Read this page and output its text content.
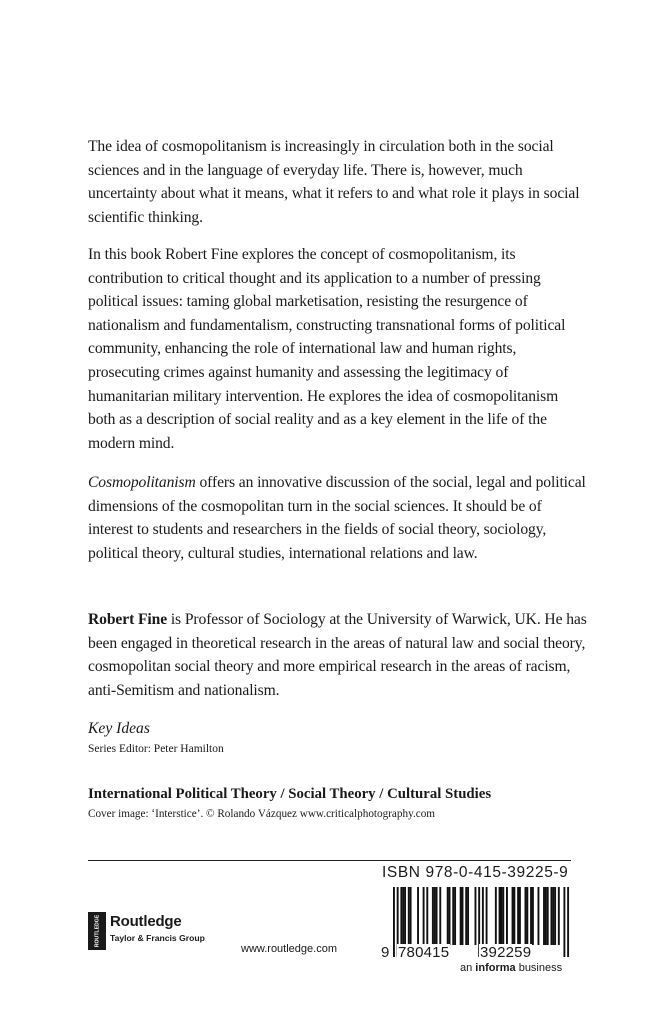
The idea of cosmopolitanism is increasingly in circulation both in the social sciences and in the language of everyday life. There is, however, much uncertainty about what it means, what it refers to and what role it plays in social scientific thinking.

In this book Robert Fine explores the concept of cosmopolitanism, its contribution to critical thought and its application to a number of pressing political issues: taming global marketisation, resisting the resurgence of nationalism and fundamentalism, constructing transnational forms of political community, enhancing the role of international law and human rights, prosecuting crimes against humanity and assessing the legitimacy of humanitarian military intervention. He explores the idea of cosmopolitanism both as a description of social reality and as a key element in the life of the modern mind.

Cosmopolitanism offers an innovative discussion of the social, legal and political dimensions of the cosmopolitan turn in the social sciences. It should be of interest to students and researchers in the fields of social theory, sociology, political theory, cultural studies, international relations and law.

Robert Fine is Professor of Sociology at the University of Warwick, UK. He has been engaged in theoretical research in the areas of natural law and social theory, cosmopolitan social theory and more empirical research in the areas of racism, anti-Semitism and nationalism.

Key Ideas
Series Editor: Peter Hamilton
International Political Theory / Social Theory / Cultural Studies
Cover image: ‘Interstice’. © Rolando Vázquez www.criticalphotography.com
ISBN 978-0-415-39225-9
9 780415 392259
an informa business
ROUTLEDGE Routledge
Taylor & Francis Group
www.routledge.com
